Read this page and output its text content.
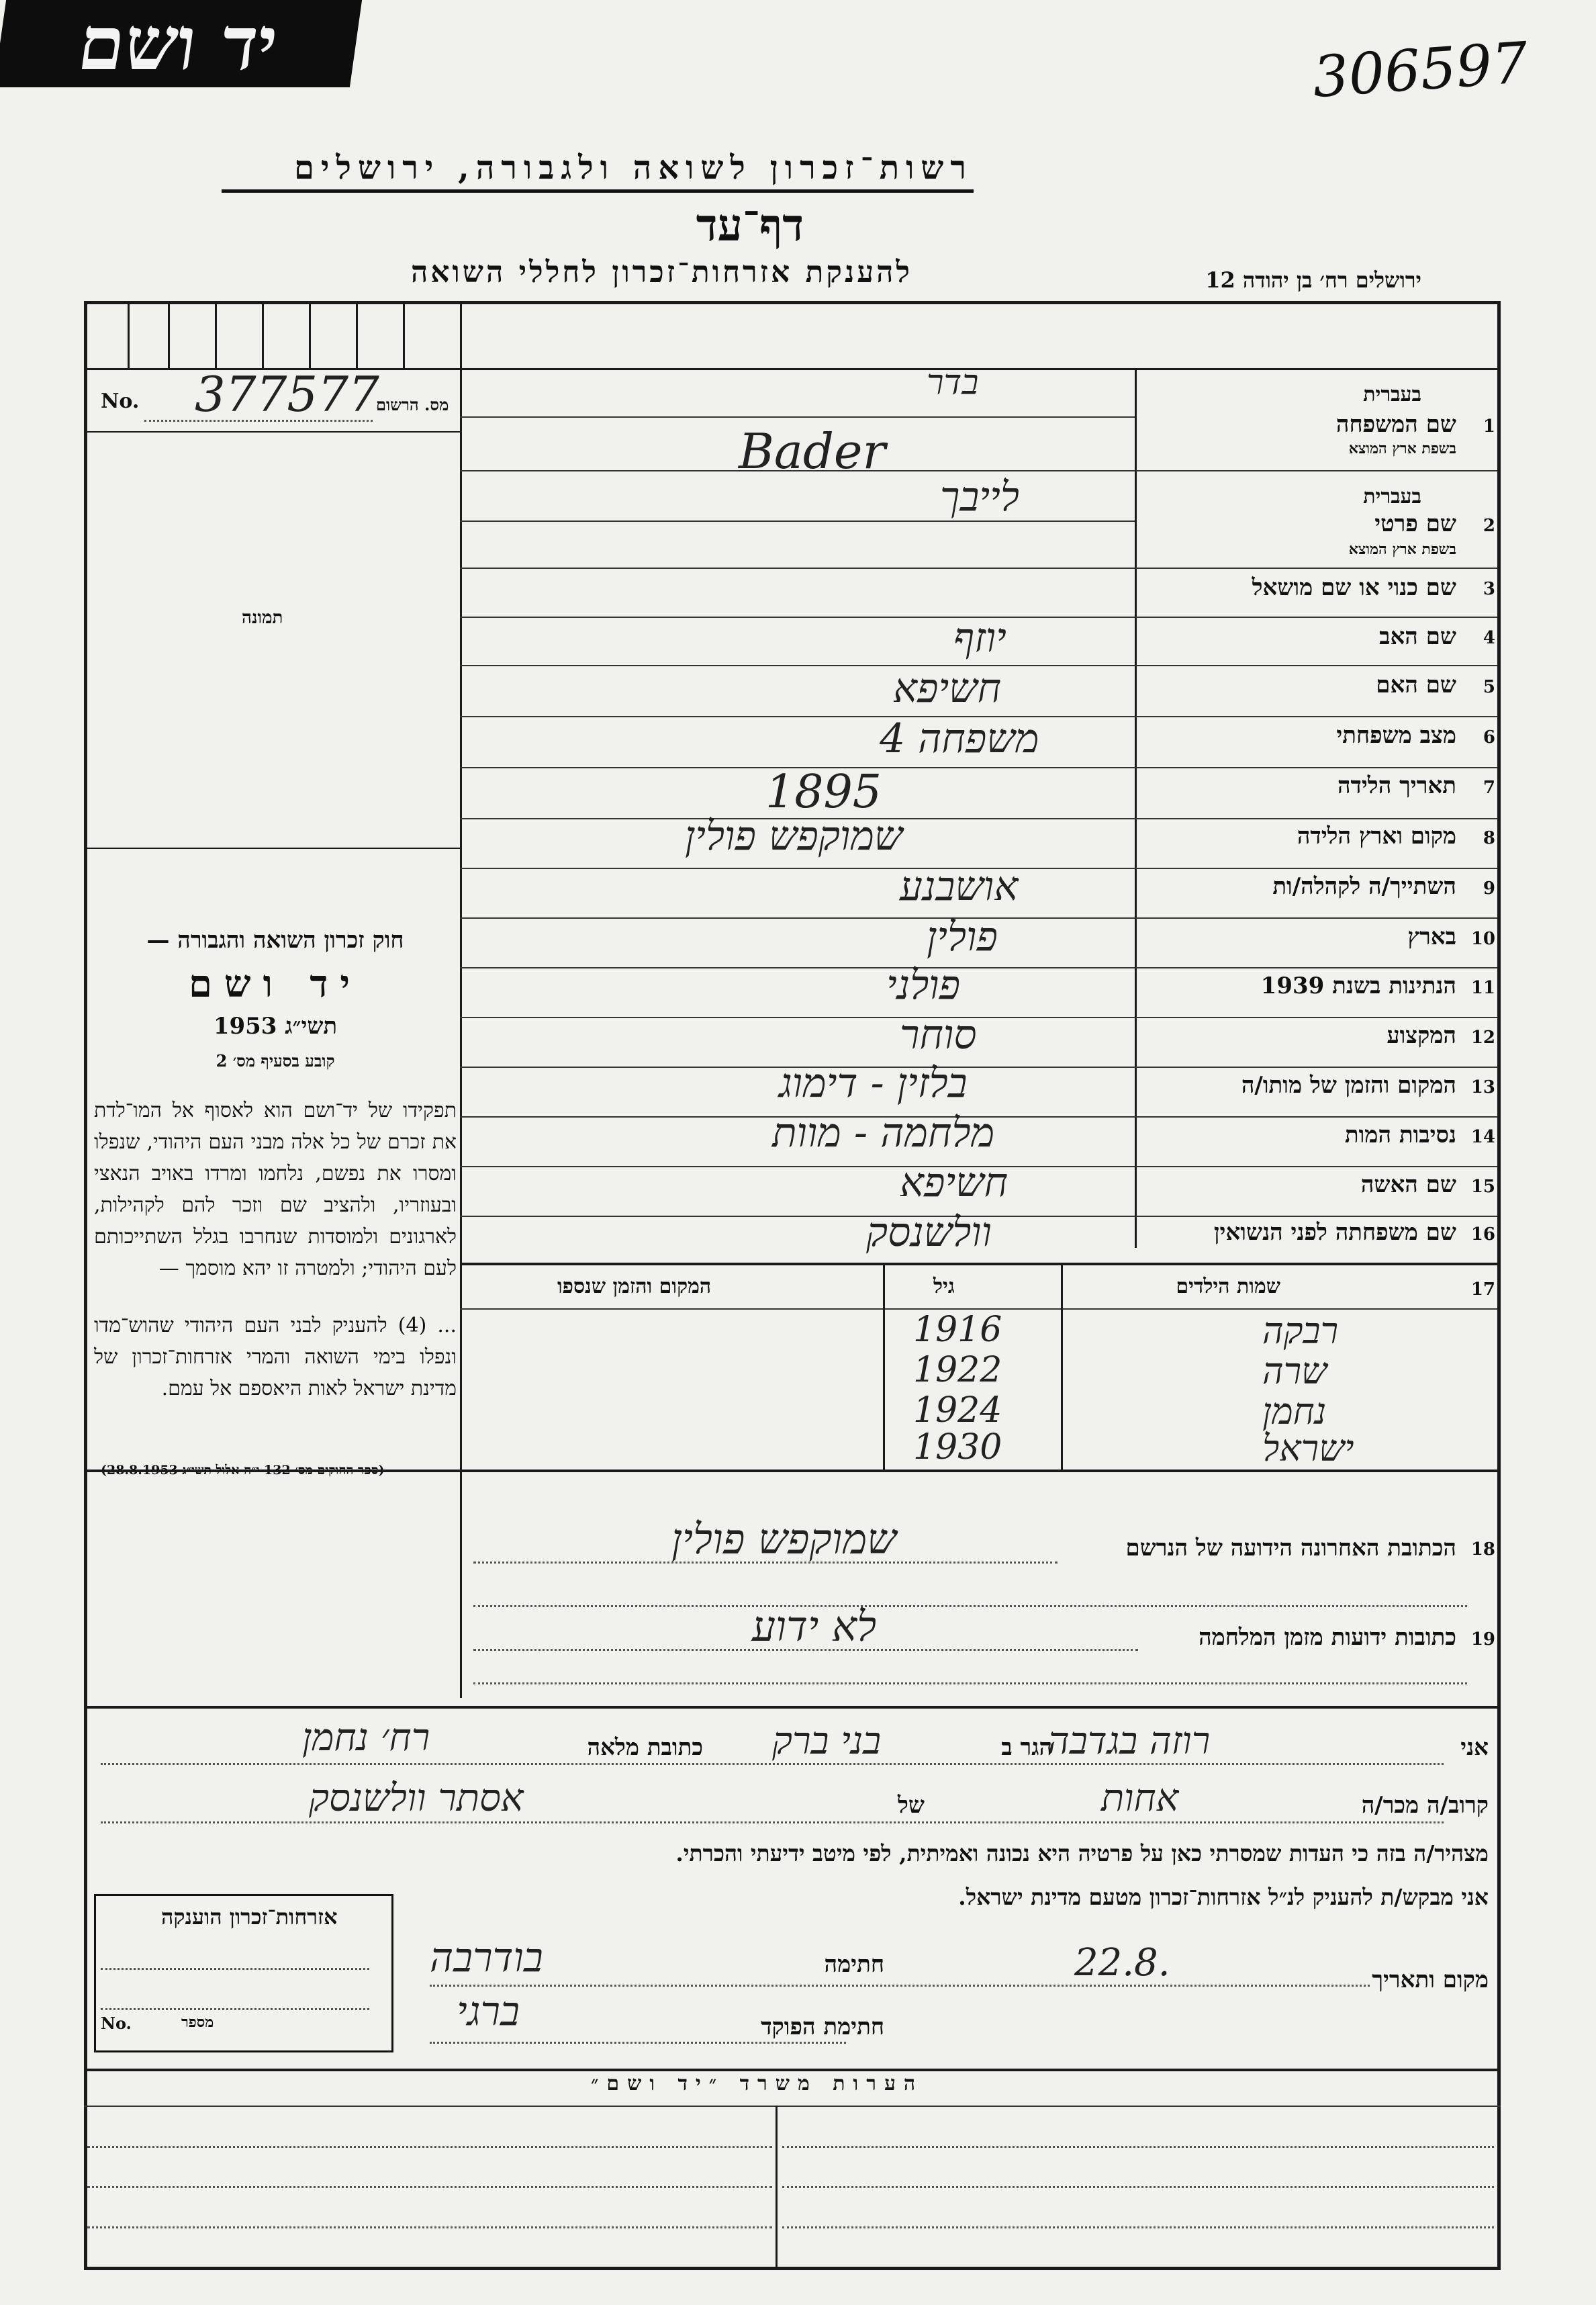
306597
רשות־זכרון לשואה ולגבורה, ירושלים
דף־עד
להענקת אזרחות־זכרון לחללי השואה
יד ושם
ירושלים רח׳ בן יהודה 12
No.	מס. הרשום
377577
תמונה
חוק זכרון השואה והגבורה —
יד ושם
תשי״ג 1953
קובע בסעיף מס׳ 2
תפקידו של יד־ושם הוא לאסוף אל המו־לדת את זכרם של כל אלה מבני העם היהודי, שנפלו ומסרו את נפשם, נלחמו ומרדו באויב הנאצי ובעוזריו, ולהציב שם וזכר להם לקהילות, לארגונים ולמוסדות שנחרבו בגלל השתייכותם לעם היהודי; ולמטרה זו יהא מוסמך —
... (4) להעניק לבני העם היהודי שהוש־מדו ונפלו בימי השואה והמרי אזרחות־זכרון של מדינת ישראל לאות היאספם אל עמם.
שם המשפחה 1
בעברית
בשפת ארץ המוצא
בדר
Bader
שם פרטי 2
בעברית
בשפת ארץ המוצא
לייבך
שם כנוי או שם מושאל 3
שם האב 4
יוזף
שם האם 5
חשיפא
מצב משפחתי 6
משפחה 4
תאריך הלידה 7
1895
מקום וארץ הלידה 8
שמוקפש פולין
השתייך/ה לקהלה/ות 9
אושבנע
בארץ 10
פולין
הנתינות בשנת 1939 11
פולני
המקצוע 12
סוחר
המקום והזמן של מותו/ה 13
בלזין - דימוג
נסיבות המות 14
מלחמה - מוות
שם האשה 15
חשיפא
שם משפחתה לפני הנשואין 16
וולשנסק
17
שמות הילדים
גיל
המקום והזמן שנספו
רבקה
1916
שרה
1922
נחמן
1924
ישראל
1930
הכתובת האחרונה הידועה של הנרשם 18
שמוקפש פולין
כתובות ידועות מזמן המלחמה 19
לא ידוע
אני
רוזה בגדבה
הגר ב
בני ברק
כתובת מלאה
רח׳ נחמן
קרוב/ה מכר/ה
אחות
של
אסתר וולשנסק
מצהיר/ה בזה כי העדות שמסרתי כאן על פרטיה היא נכונה ואמיתית, לפי מיטב ידיעתי והכרתי.
אני מבקש/ת להעניק לנ״ל אזרחות־זכרון מטעם מדינת ישראל.
מקום ותאריך
22.8.
חתימה
בודרבה
חתימת הפוקד
ברגי
אזרחות־זכרון הוענקה
No.	מספר
הערות משרד ״יד ושם״
